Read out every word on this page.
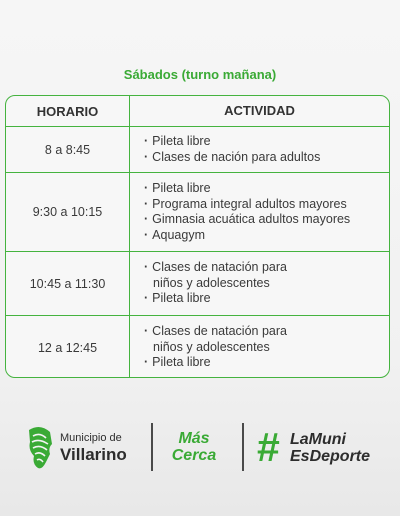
Sábados (turno mañana)
HORARIO	ACTIVIDAD
8 a 8:45
· Pileta libre
· Clases de nación para adultos
9:30 a 10:15
· Pileta libre
· Programa integral adultos mayores
· Gimnasia acuática adultos mayores
· Aquagym
10:45 a 11:30
· Clases de natación para
niños y adolescentes
· Pileta libre
12 a 12:45
· Clases de natación para
niños y adolescentes
· Pileta libre
Municipio de
Villarino
Más
Cerca # LaMuni
EsDeporte
